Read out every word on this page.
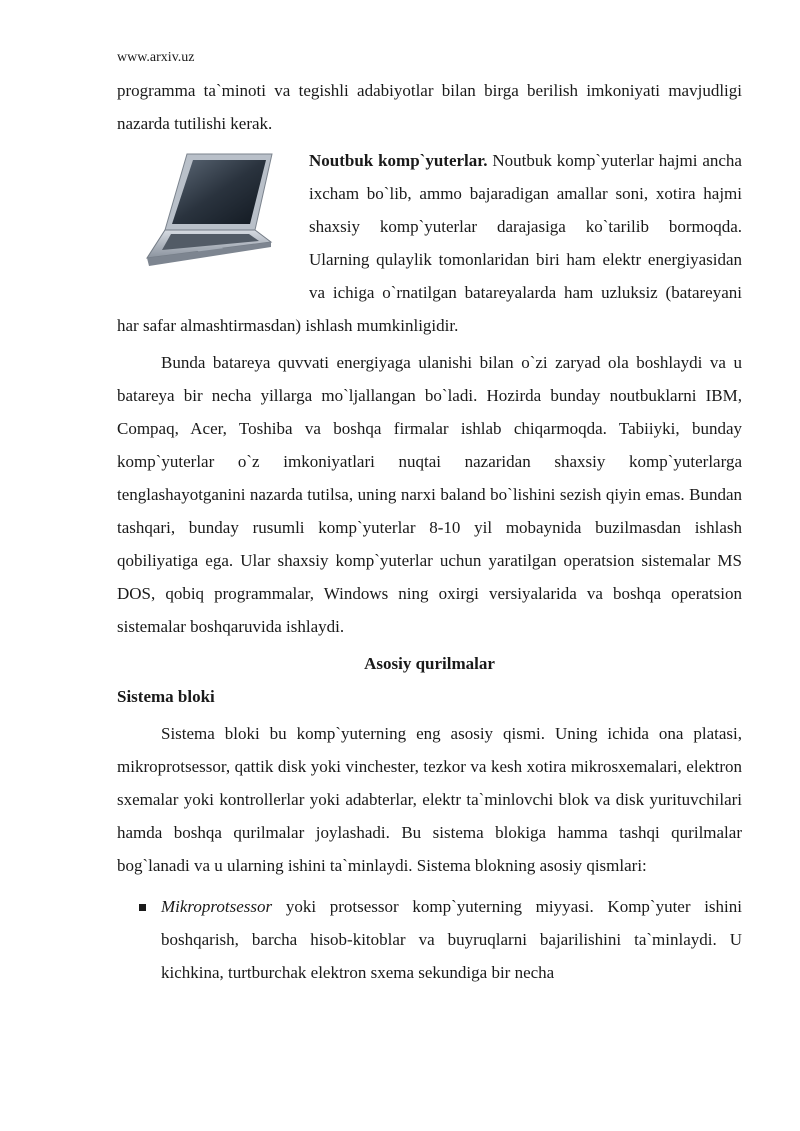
www.arxiv.uz

programma ta`minoti va tegishli adabiyotlar bilan birga berilish imkoniyati mavjudligi nazarda tutilishi kerak.

Noutbuk komp`yuterlar. Noutbuk komp`yuterlar hajmi ancha ixcham bo`lib, ammo bajaradigan amallar soni, xotira hajmi shaxsiy komp`yuterlar darajasiga ko`tarilib bormoqda. Ularning qulaylik tomonlaridan biri ham elektr energiyasidan va ichiga o`rnatilgan batareyalarda ham uzluksiz (batareyani har safar almashtirmasdan) ishlash mumkinligidir.

Bunda batareya quvvati energiyaga ulanishi bilan o`zi zaryad ola boshlaydi va u batareya bir necha yillarga mo`ljallangan bo`ladi. Hozirda bunday noutbuklarni IBM, Compaq, Acer, Toshiba va boshqa firmalar ishlab chiqarmoqda. Tabiiyki, bunday komp`yuterlar o`z imkoniyatlari nuqtai nazaridan shaxsiy komp`yuterlarga tenglashayotganini nazarda tutilsa, uning narxi baland bo`lishini sezish qiyin emas. Bundan tashqari, bunday rusumli komp`yuterlar 8-10 yil mobaynida buzilmasdan ishlash qobiliyatiga ega. Ular shaxsiy komp`yuterlar uchun yaratilgan operatsion sistemalar MS DOS, qobiq programmalar, Windows ning oxirgi versiyalarida va boshqa operatsion sistemalar boshqaruvida ishlaydi.

Asosiy qurilmalar

Sistema bloki

Sistema bloki bu komp`yuterning eng asosiy qismi. Uning ichida ona platasi, mikroprotsessor, qattik disk yoki vinchester, tezkor va kesh xotira mikrosxemalari, elektron sxemalar yoki kontrollerlar yoki adabterlar, elektr ta`minlovchi blok va disk yurituvchilari hamda boshqa qurilmalar joylashadi. Bu sistema blokiga hamma tashqi qurilmalar bog`lanadi va u ularning ishini ta`minlaydi. Sistema blokning asosiy qismlari:

Mikroprotsessor yoki protsessor komp`yuterning miyyasi. Komp`yuter ishini boshqarish, barcha hisob-kitoblar va buyruqlarni bajarilishini ta`minlaydi. U kichkina, turtburchak elektron sxema sekundiga bir necha
